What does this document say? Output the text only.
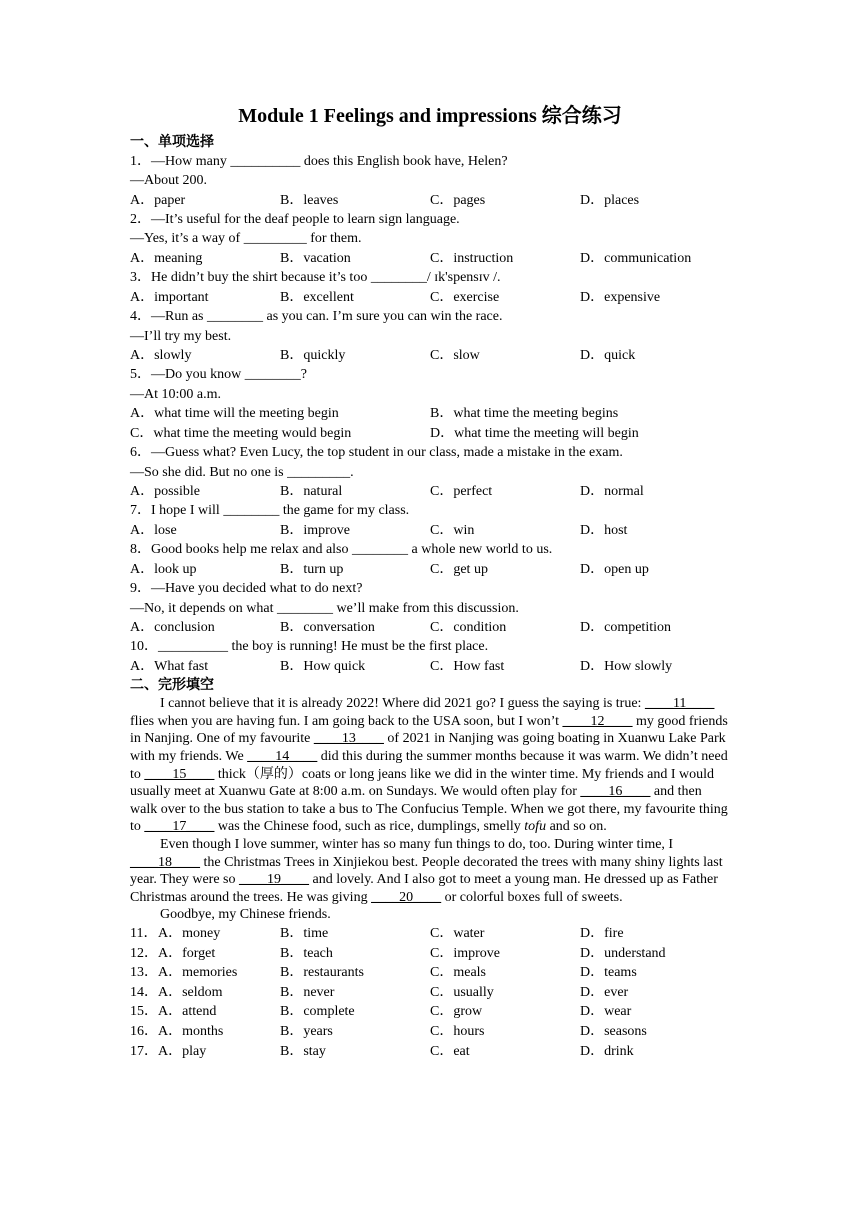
Module 1 Feelings and impressions 综合练习
一、单项选择
1．—How many __________ does this English book have, Helen?
—About 200.
A．paper	B．leaves	C．pages	D．places
2．—It’s useful for the deaf people to learn sign language.
—Yes, it’s a way of _________ for them.
A．meaning	B．vacation	C．instruction	D．communication
3．He didn’t buy the shirt because it’s too ________/ ɪk'spensɪv /.
A．important	B．excellent	C．exercise	D．expensive
4．—Run as ________ as you can. I’m sure you can win the race.
—I’ll try my best.
A．slowly	B．quickly	C．slow	D．quick
5．—Do you know ________?
—At 10:00 a.m.
A．what time will the meeting begin	B．what time the meeting begins
C．what time the meeting would begin	D．what time the meeting will begin
6．—Guess what? Even Lucy, the top student in our class, made a mistake in the exam.
—So she did. But no one is _________.
A．possible	B．natural	C．perfect	D．normal
7．I hope I will ________ the game for my class.
A．lose	B．improve	C．win	D．host
8．Good books help me relax and also ________ a whole new world to us.
A．look up	B．turn up	C．get up	D．open up
9．—Have you decided what to do next?
—No, it depends on what ________ we’ll make from this discussion.
A．conclusion	B．conversation	C．condition	D．competition
10．__________ the boy is running! He must be the first place.
A．What fast	B．How quick	C．How fast	D．How slowly
二、完形填空

I cannot believe that it is already 2022! Where did 2021 go? I guess the saying is true: ____11____ flies when you are having fun. I am going back to the USA soon, but I won’t ____12____ my good friends in Nanjing. One of my favourite ____13____ of 2021 in Nanjing was going boating in Xuanwu Lake Park with my friends. We ____14____ did this during the summer months because it was warm. We didn’t need to ____15____ thick（厚的）coats or long jeans like we did in the winter time. My friends and I would usually meet at Xuanwu Gate at 8:00 a.m. on Sundays. We would often play for ____16____ and then walk over to the bus station to take a bus to The Confucius Temple. When we got there, my favourite thing to ____17____ was the Chinese food, such as rice, dumplings, smelly tofu and so on.

Even though I love summer, winter has so many fun things to do, too. During winter time, I ____18____ the Christmas Trees in Xinjiekou best. People decorated the trees with many shiny lights last year. They were so ____19____ and lovely. And I also got to meet a young man. He dressed up as Father Christmas around the trees. He was giving ____20____ or colorful boxes full of sweets.

Goodbye, my Chinese friends.

11． A．money	B．time	C．water	D．fire
12． A．forget	B．teach	C．improve	D．understand
13． A．memories	B．restaurants	C．meals	D．teams
14． A．seldom	B．never	C．usually	D．ever
15． A．attend	B．complete	C．grow	D．wear
16． A．months	B．years	C．hours	D．seasons
17． A．play	B．stay	C．eat	D．drink
